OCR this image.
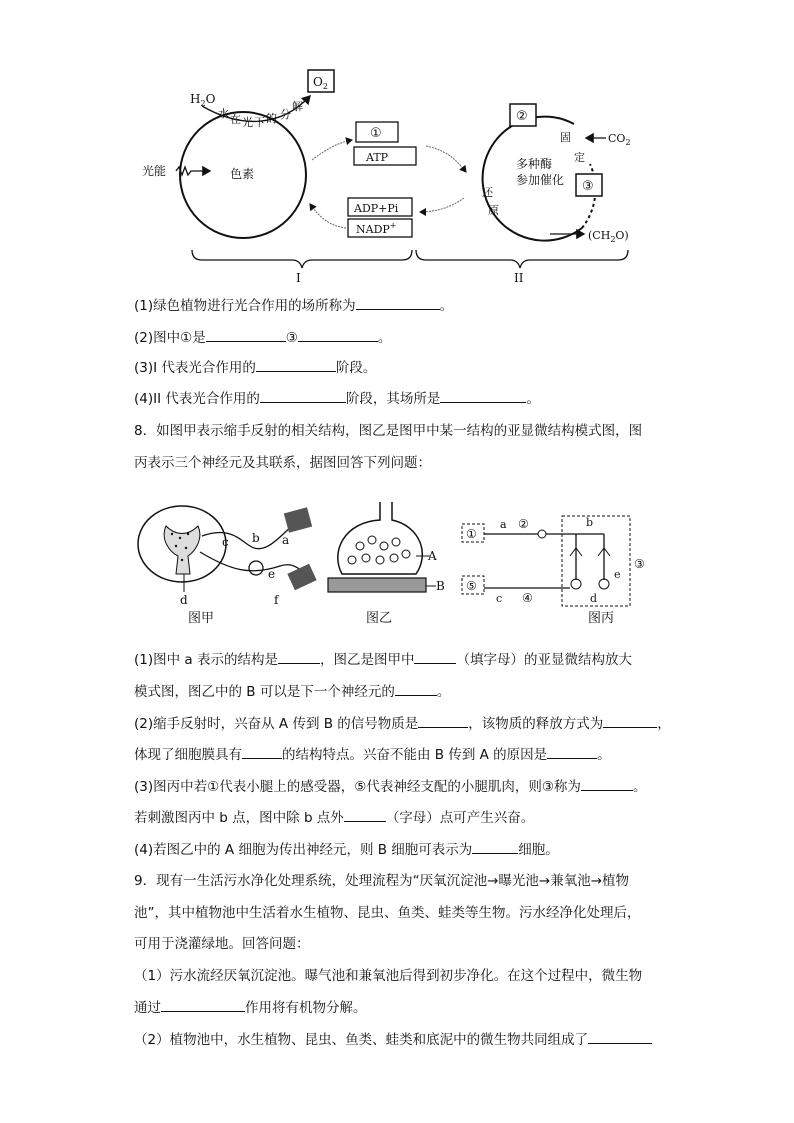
光能	色素
$H_2O$
水 在 光 下 的 分
解
$O_2$
①
ATP
ADP+Pi
NADP+
②
③
固
定
$CO_2$
多种酶
参加催化
还
原
$(CH_2O)$
I	II
(1)绿色植物进行光合作用的场所称为	。
(2)图中①是	③	。
(3)I 代表光合作用的	阶段。
(4)II 代表光合作用的	阶段，其场所是	。
8．如图甲表示缩手反射的相关结构，图乙是图甲中某一结构的亚显微结构模式图，图
丙表示三个神经元及其联系，据图回答下列问题：
a
b
c
d
e
f
图甲
A
B
图乙
①
a ②	b
e
③
⑤
c ④	d
图丙
(1)图中 a 表示的结构是	，图乙是图甲中	（填字母）的亚显微结构放大
模式图，图乙中的 B 可以是下一个神经元的	。
(2)缩手反射时，兴奋从 A 传到 B 的信号物质是	，该物质的释放方式为	，
体现了细胞膜具有	的结构特点。兴奋不能由 B 传到 A 的原因是	。
(3)图丙中若①代表小腿上的感受器，⑤代表神经支配的小腿肌肉，则③称为	。
若刺激图丙中 b 点，图中除 b 点外	（字母）点可产生兴奋。
(4)若图乙中的 A 细胞为传出神经元，则 B 细胞可表示为	细胞。
9．现有一生活污水净化处理系统，处理流程为“厌氧沉淀池→曝光池→兼氧池→植物
池”，其中植物池中生活着水生植物、昆虫、鱼类、蛙类等生物。污水经净化处理后，
可用于浇灌绿地。回答问题：
（1）污水流经厌氧沉淀池。曝气池和兼氧池后得到初步净化。在这个过程中，微生物
通过	作用将有机物分解。
（2）植物池中，水生植物、昆虫、鱼类、蛙类和底泥中的微生物共同组成了
